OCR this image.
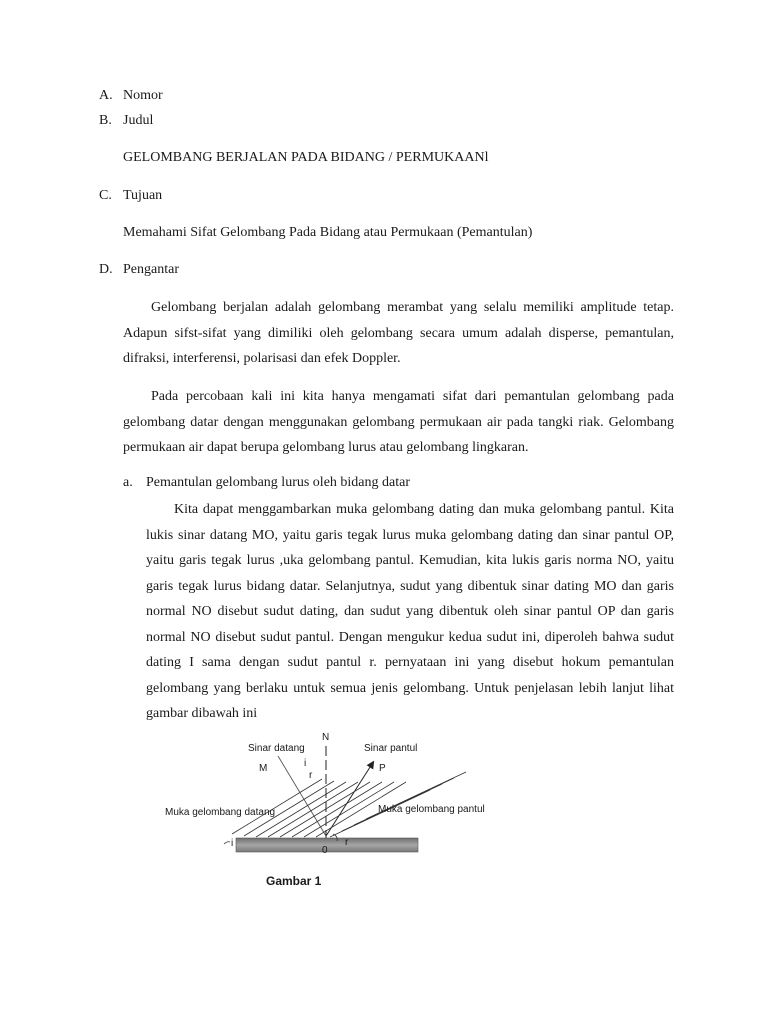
A. Nomor
B. Judul
GELOMBANG BERJALAN PADA BIDANG / PERMUKAANl
C. Tujuan
Memahami Sifat Gelombang Pada Bidang atau Permukaan (Pemantulan)
D. Pengantar
Gelombang berjalan adalah gelombang merambat yang selalu memiliki amplitude tetap. Adapun sifst-sifat yang dimiliki oleh gelombang secara umum adalah disperse, pemantulan, difraksi, interferensi, polarisasi dan efek Doppler.
Pada percobaan kali ini kita hanya mengamati sifat dari pemantulan gelombang pada gelombang datar dengan menggunakan gelombang permukaan air pada tangki riak. Gelombang permukaan air dapat berupa gelombang lurus atau gelombang lingkaran.
a. Pemantulan gelombang lurus oleh bidang datar
Kita dapat menggambarkan muka gelombang dating dan muka gelombang pantul. Kita lukis sinar datang MO, yaitu garis tegak lurus muka gelombang dating dan sinar pantul OP, yaitu garis tegak lurus ,uka gelombang pantul. Kemudian, kita lukis garis norma NO, yaitu garis tegak lurus bidang datar. Selanjutnya, sudut yang dibentuk sinar dating MO dan garis normal NO disebut sudut dating, dan sudut yang dibentuk oleh sinar pantul OP dan garis normal NO disebut sudut pantul. Dengan mengukur kedua sudut ini, diperoleh bahwa sudut dating I sama dengan sudut pantul r. pernyataan ini yang disebut hokum pemantulan gelombang yang berlaku untuk semua jenis gelombang. Untuk penjelasan lebih lanjut lihat gambar dibawah ini
N
Sinar datang	Sinar pantul
M	i
r
P
Muka gelombang datang	Muka gelombang pantul
i	r
0
Gambar 1
